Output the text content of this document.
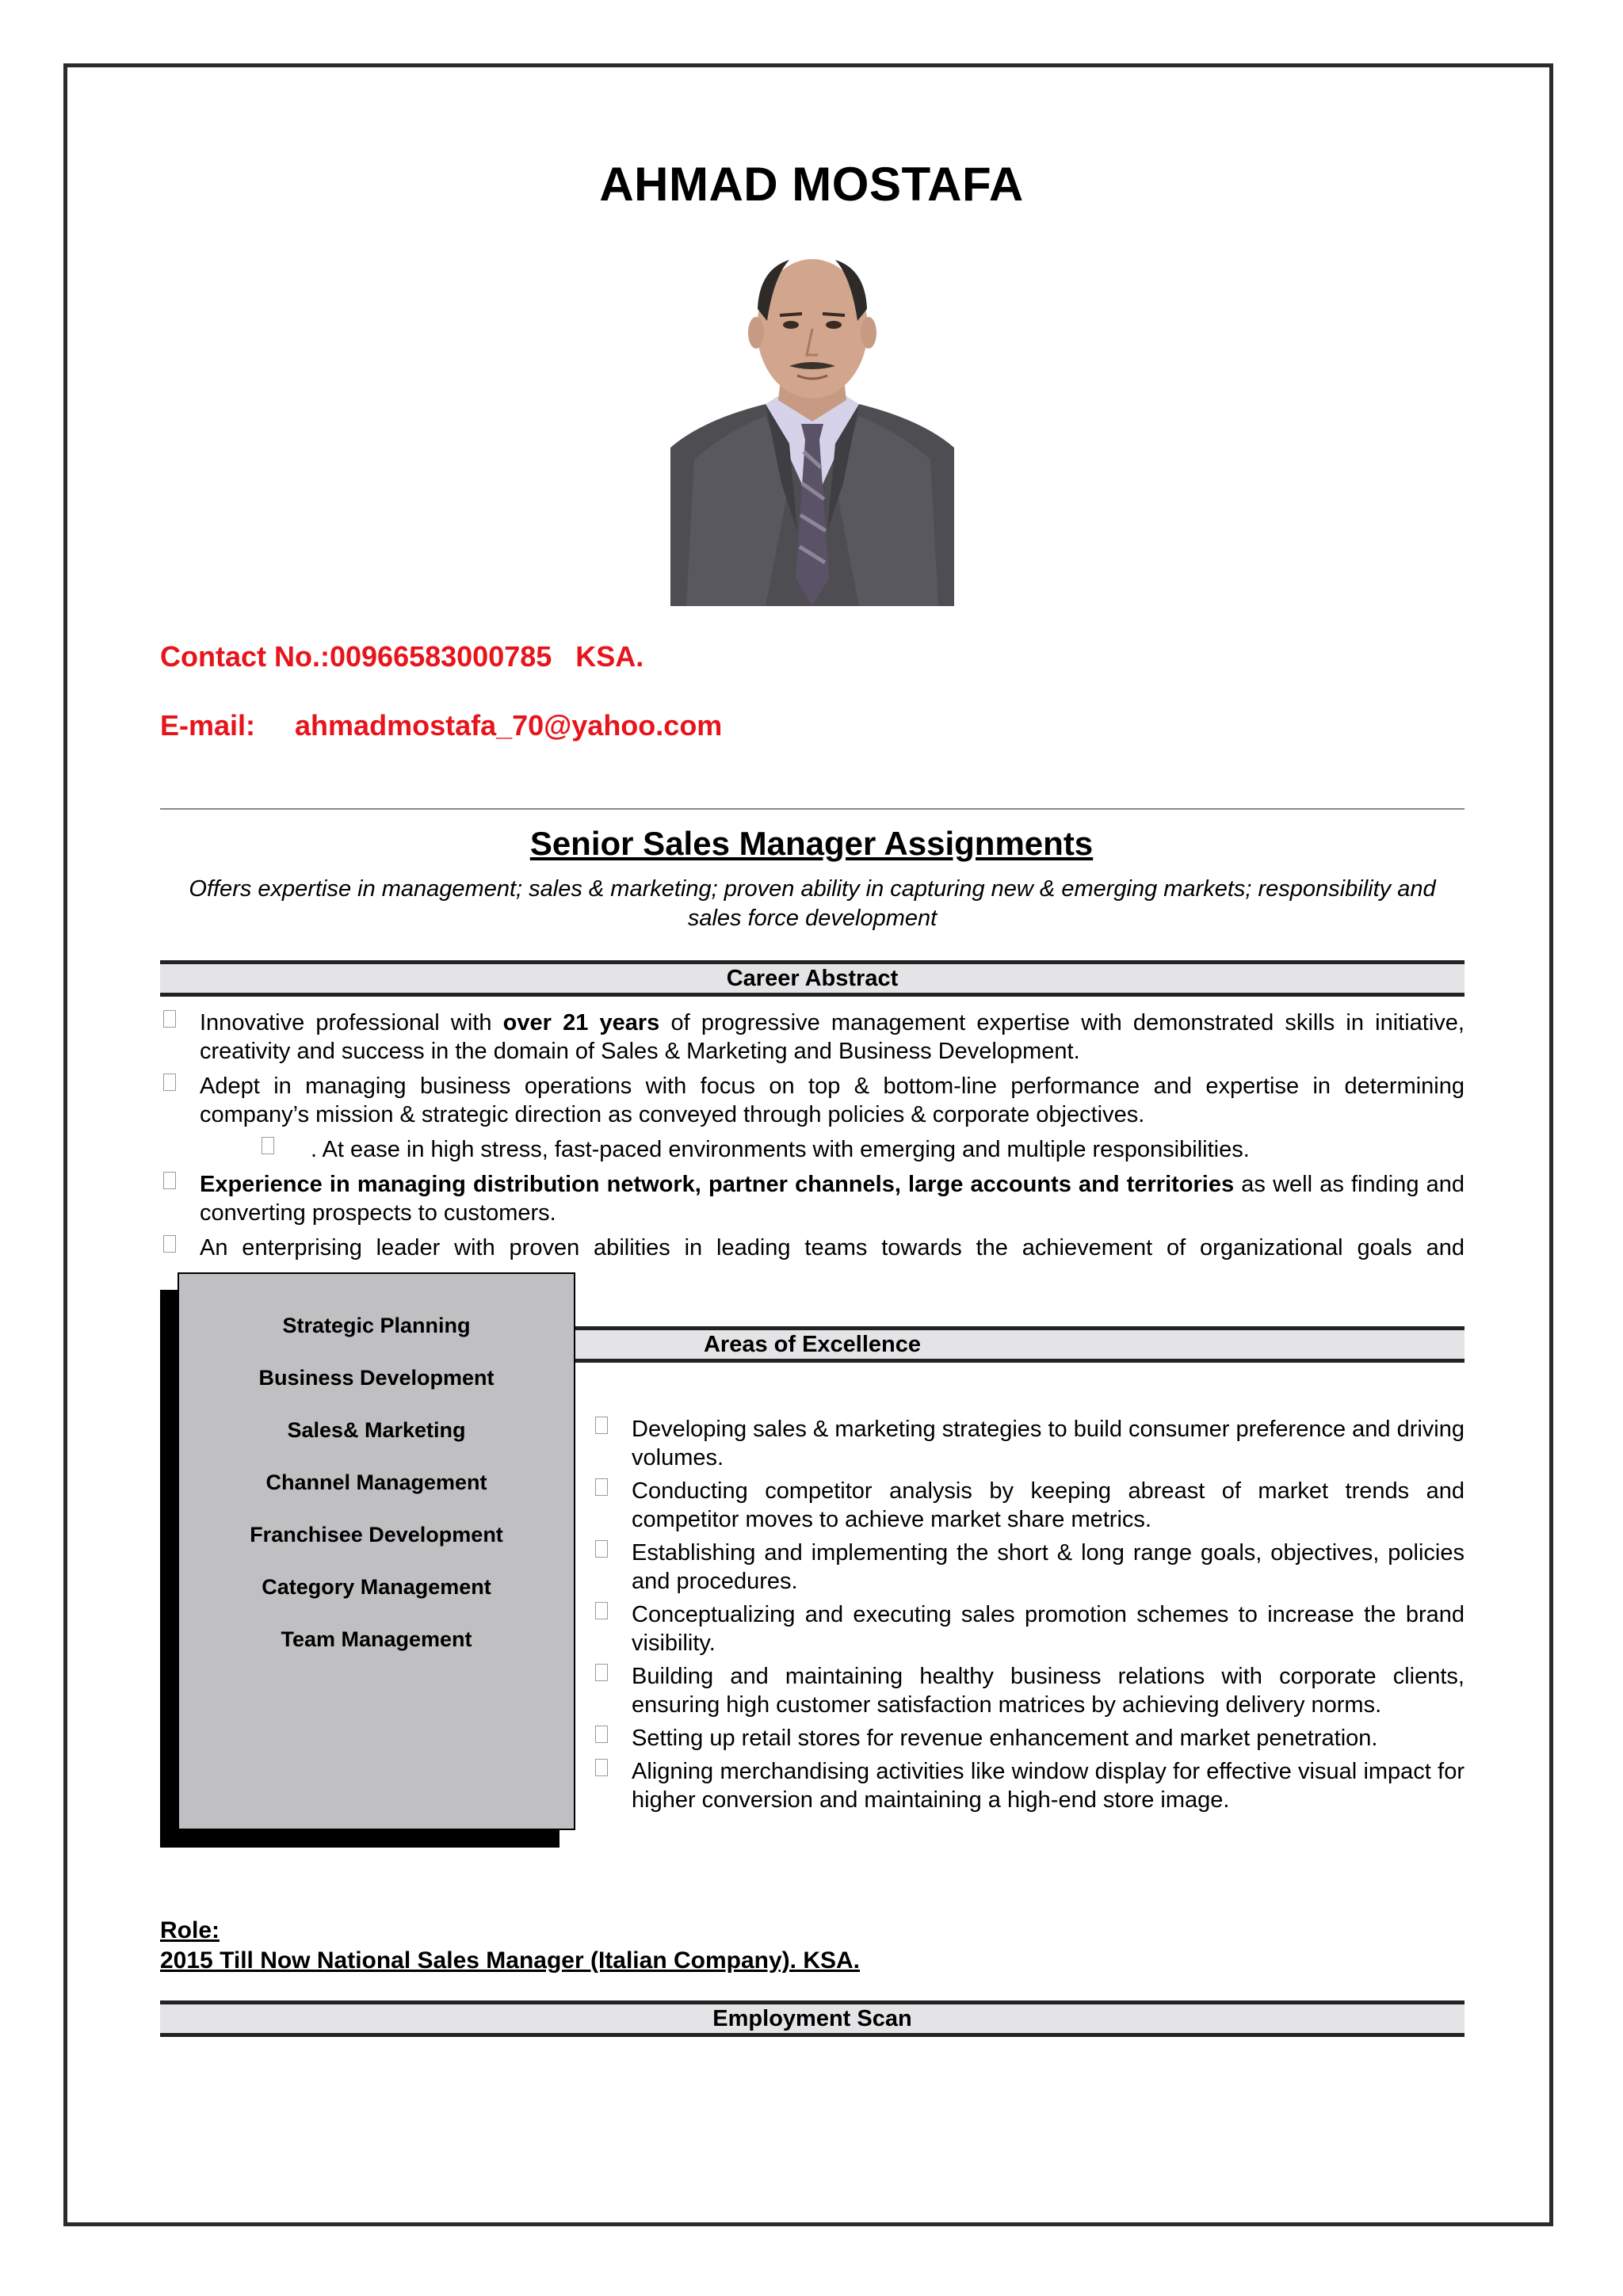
AHMAD MOSTAFA
Contact No.:00966583000785   KSA.
E-mail:     ahmadmostafa_70@yahoo.com
Senior Sales Manager Assignments
Offers expertise in management; sales & marketing; proven ability in capturing new & emerging markets; responsibility and sales force development
Career Abstract

Innovative professional with over 21 years of progressive management expertise with demonstrated skills in initiative, creativity and success in the domain of Sales & Marketing and Business Development.

Adept in managing business operations with focus on top & bottom-line performance and expertise in determining company’s mission & strategic direction as conveyed through policies & corporate objectives.

. At ease in high stress, fast-paced environments with emerging and multiple responsibilities.

Experience in managing distribution network, partner channels, large accounts and territories as well as finding and converting prospects to customers.

An enterprising leader with proven abilities in leading teams towards the achievement of organizational goals and

Areas of Excellence
Strategic Planning
Business Development
Sales& Marketing
Channel Management
Franchisee Development
Category Management
Team Management

Developing sales & marketing strategies to build consumer preference and driving volumes.

Conducting competitor analysis by keeping abreast of market trends and competitor moves to achieve market share metrics.

Establishing and implementing the short & long range goals, objectives, policies and procedures.

Conceptualizing and executing sales promotion schemes to increase the brand visibility.

Building and maintaining healthy business relations with corporate clients, ensuring high customer satisfaction matrices by achieving delivery norms.

Setting up retail stores for revenue enhancement and market penetration.

Aligning merchandising activities like window display for effective visual impact for higher conversion and maintaining a high-end store image.

Role:
2015 Till Now National Sales Manager (Italian Company). KSA.
Employment Scan
